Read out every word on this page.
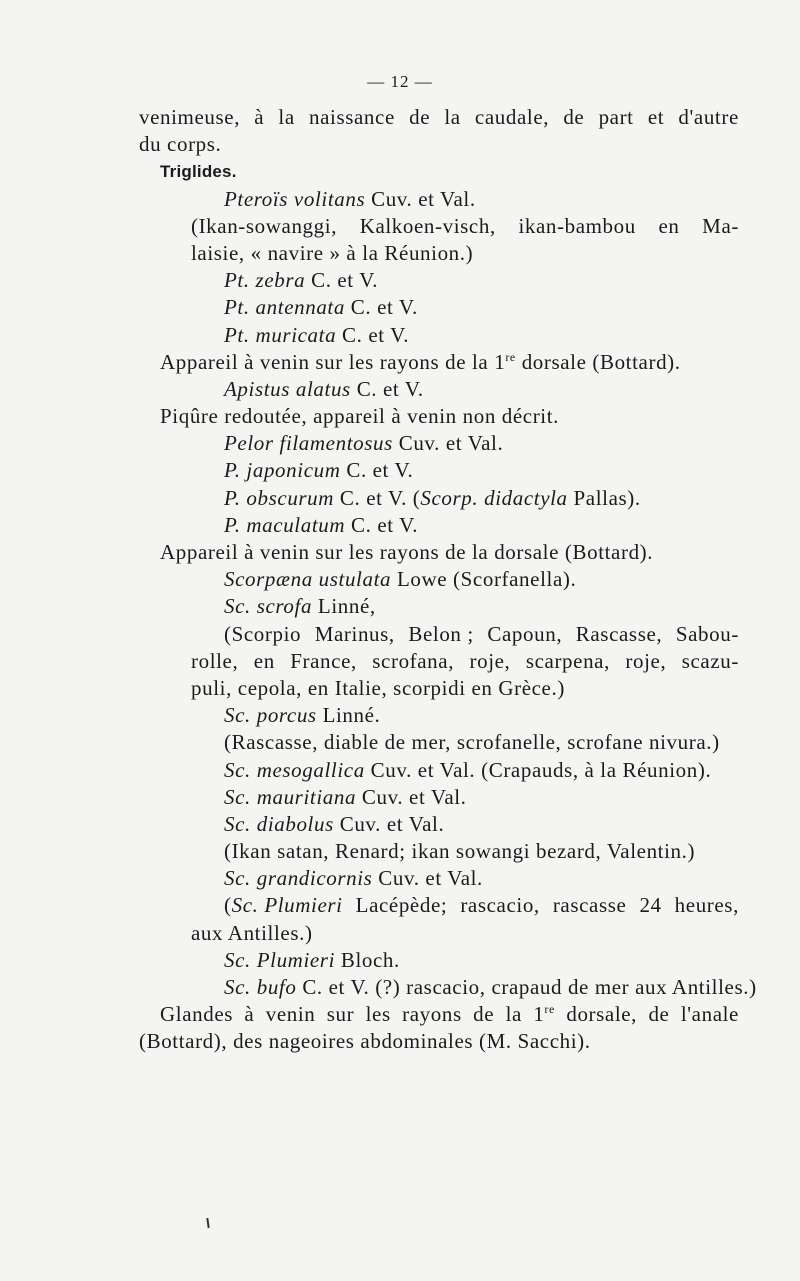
— 12 —
venimeuse, à la naissance de la caudale, de part et d'autre
du corps.
Triglides.
Pteroïs volitans Cuv. et Val.
(Ikan-sowanggi, Kalkoen-visch, ikan-bambou en Ma-
laisie, « navire » à la Réunion.)
Pt. zebra C. et V.
Pt. antennata C. et V.
Pt. muricata C. et V.
Appareil à venin sur les rayons de la 1re dorsale (Bottard).
Apistus alatus C. et V.
Piqûre redoutée, appareil à venin non décrit.
Pelor filamentosus Cuv. et Val.
P. japonicum C. et V.
P. obscurum C. et V. (Scorp. didactyla Pallas).
P. maculatum C. et V.
Appareil à venin sur les rayons de la dorsale (Bottard).
Scorpæna ustulata Lowe (Scorfanella).
Sc. scrofa Linné,
(Scorpio Marinus, Belon ; Capoun, Rascasse, Sabou-
rolle, en France, scrofana, roje, scarpena, roje, scazu-
puli, cepola, en Italie, scorpidi en Grèce.)
Sc. porcus Linné.
(Rascasse, diable de mer, scrofanelle, scrofane nivura.)
Sc. mesogallica Cuv. et Val. (Crapauds, à la Réunion).
Sc. mauritiana Cuv. et Val.
Sc. diabolus Cuv. et Val.
(Ikan satan, Renard; ikan sowangi bezard, Valentin.)
Sc. grandicornis Cuv. et Val.
(Sc. Plumieri Lacépède; rascacio, rascasse 24 heures,
aux Antilles.)
Sc. Plumieri Bloch.
Sc. bufo C. et V. (?) rascacio, crapaud de mer aux Antilles.)
Glandes à venin sur les rayons de la 1re dorsale, de l'anale
(Bottard), des nageoires abdominales (M. Sacchi).
